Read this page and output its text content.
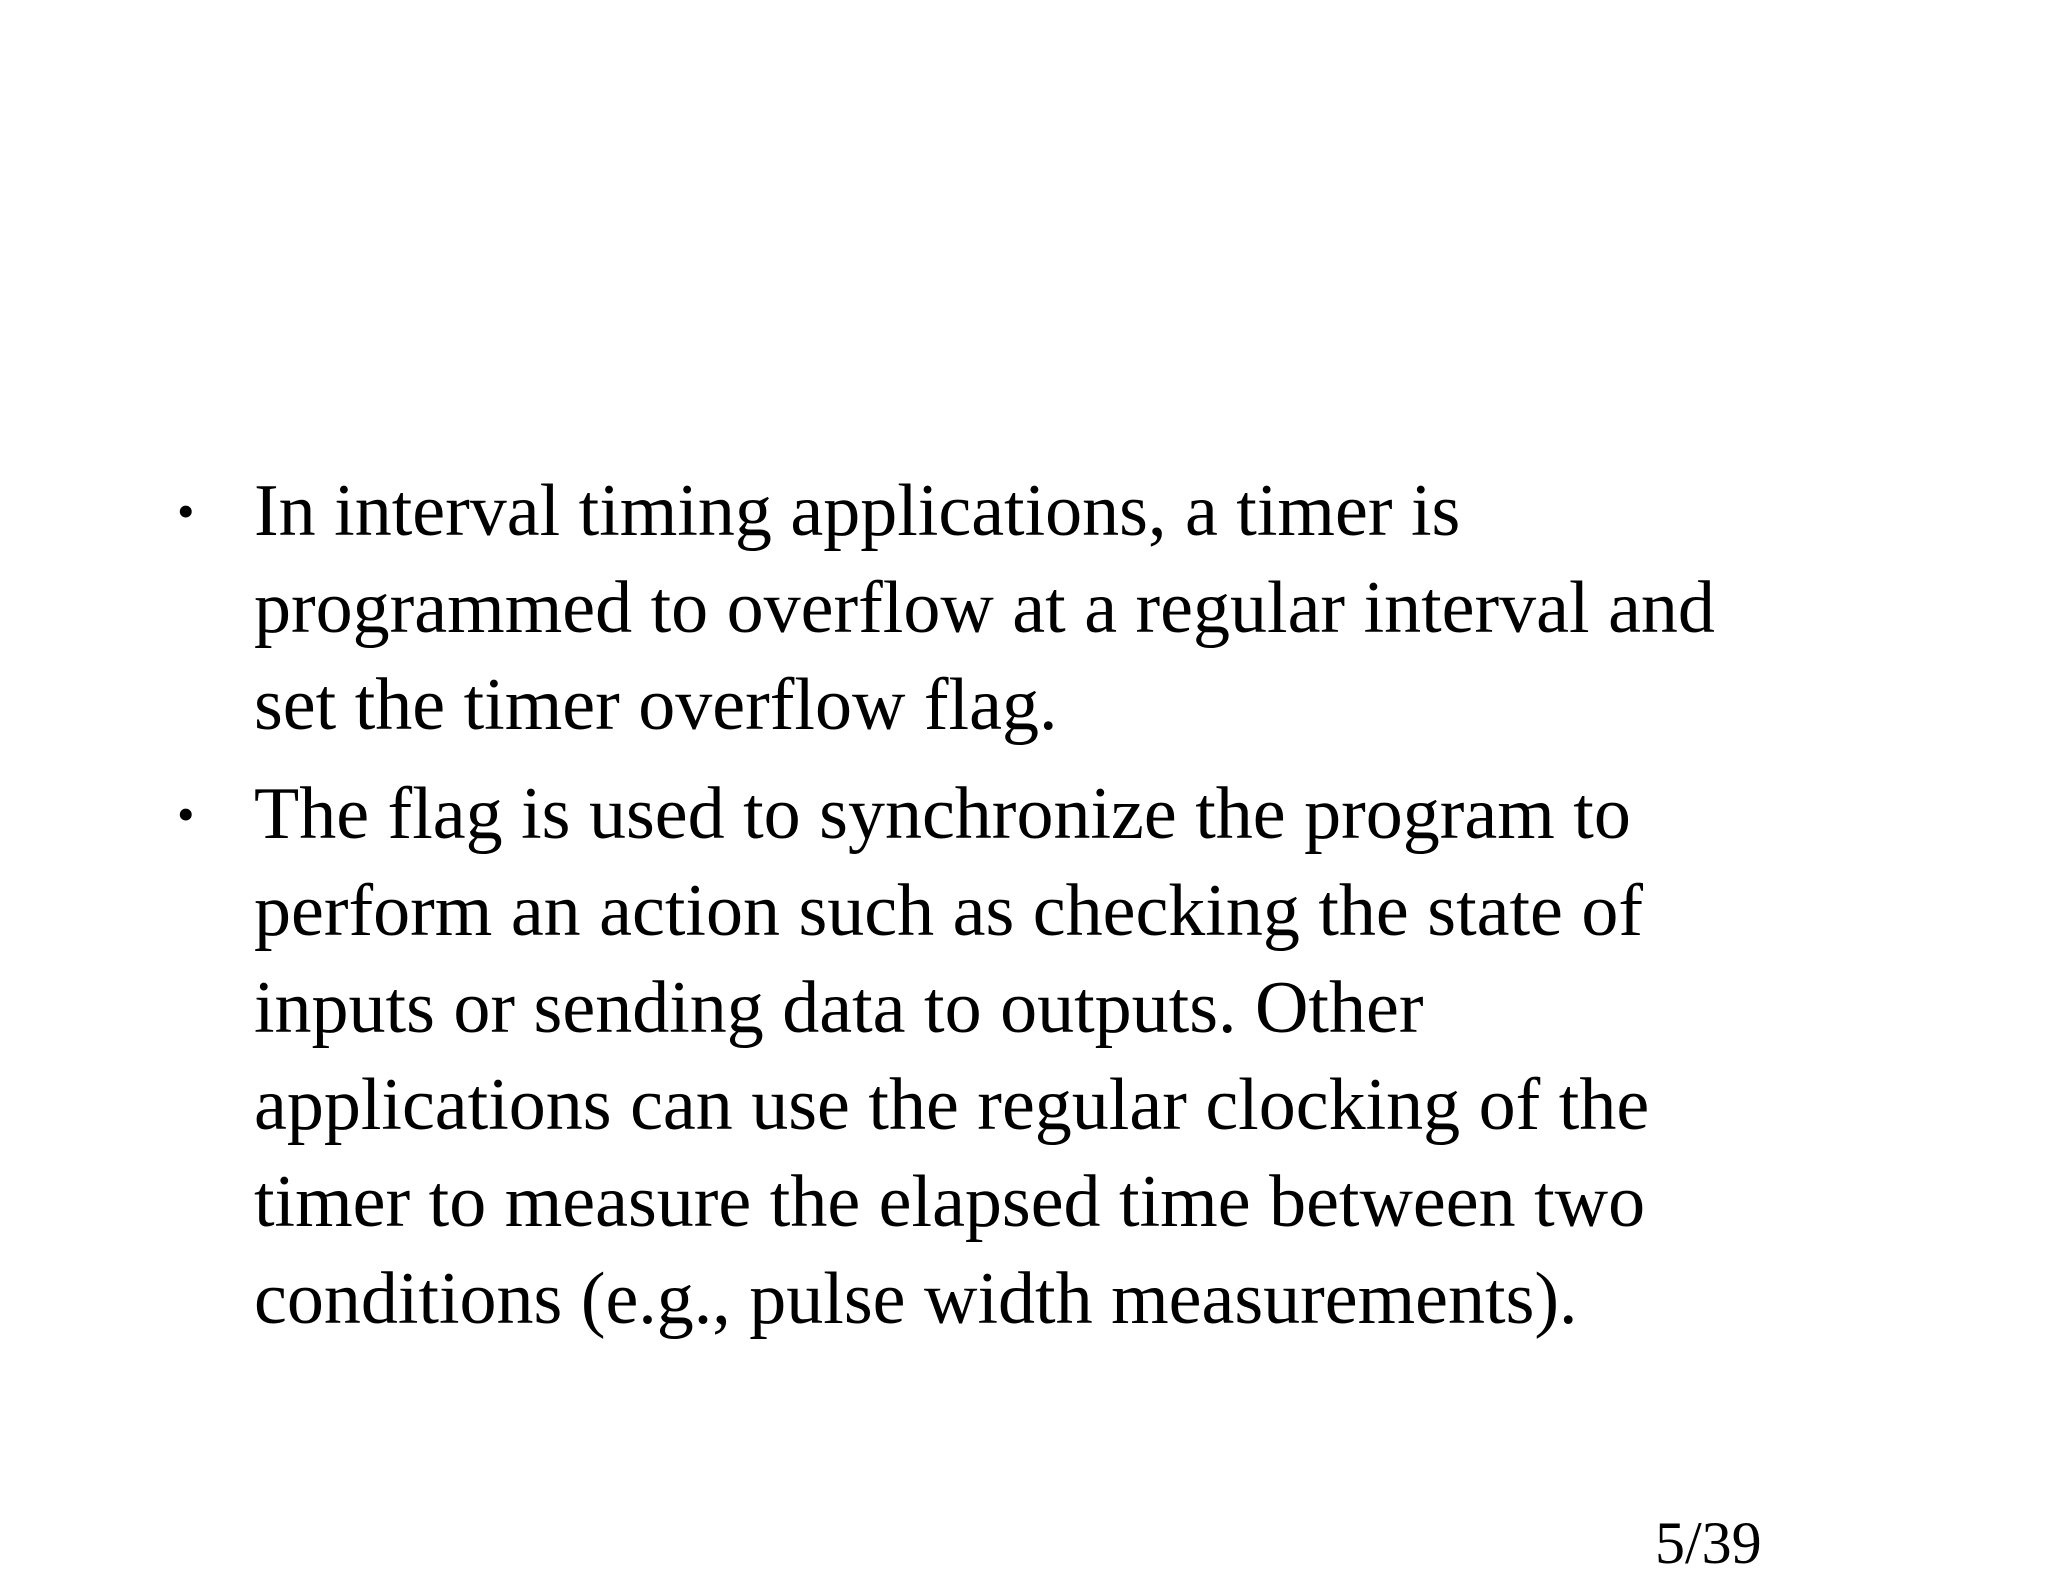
• In interval timing applications, a timer is
programmed to overflow at a regular interval and
set the timer overflow flag.
• The flag is used to synchronize the program to
perform an action such as checking the state of
inputs or sending data to outputs. Other
applications can use the regular clocking of the
timer to measure the elapsed time between two
conditions (e.g., pulse width measurements).
5/39
